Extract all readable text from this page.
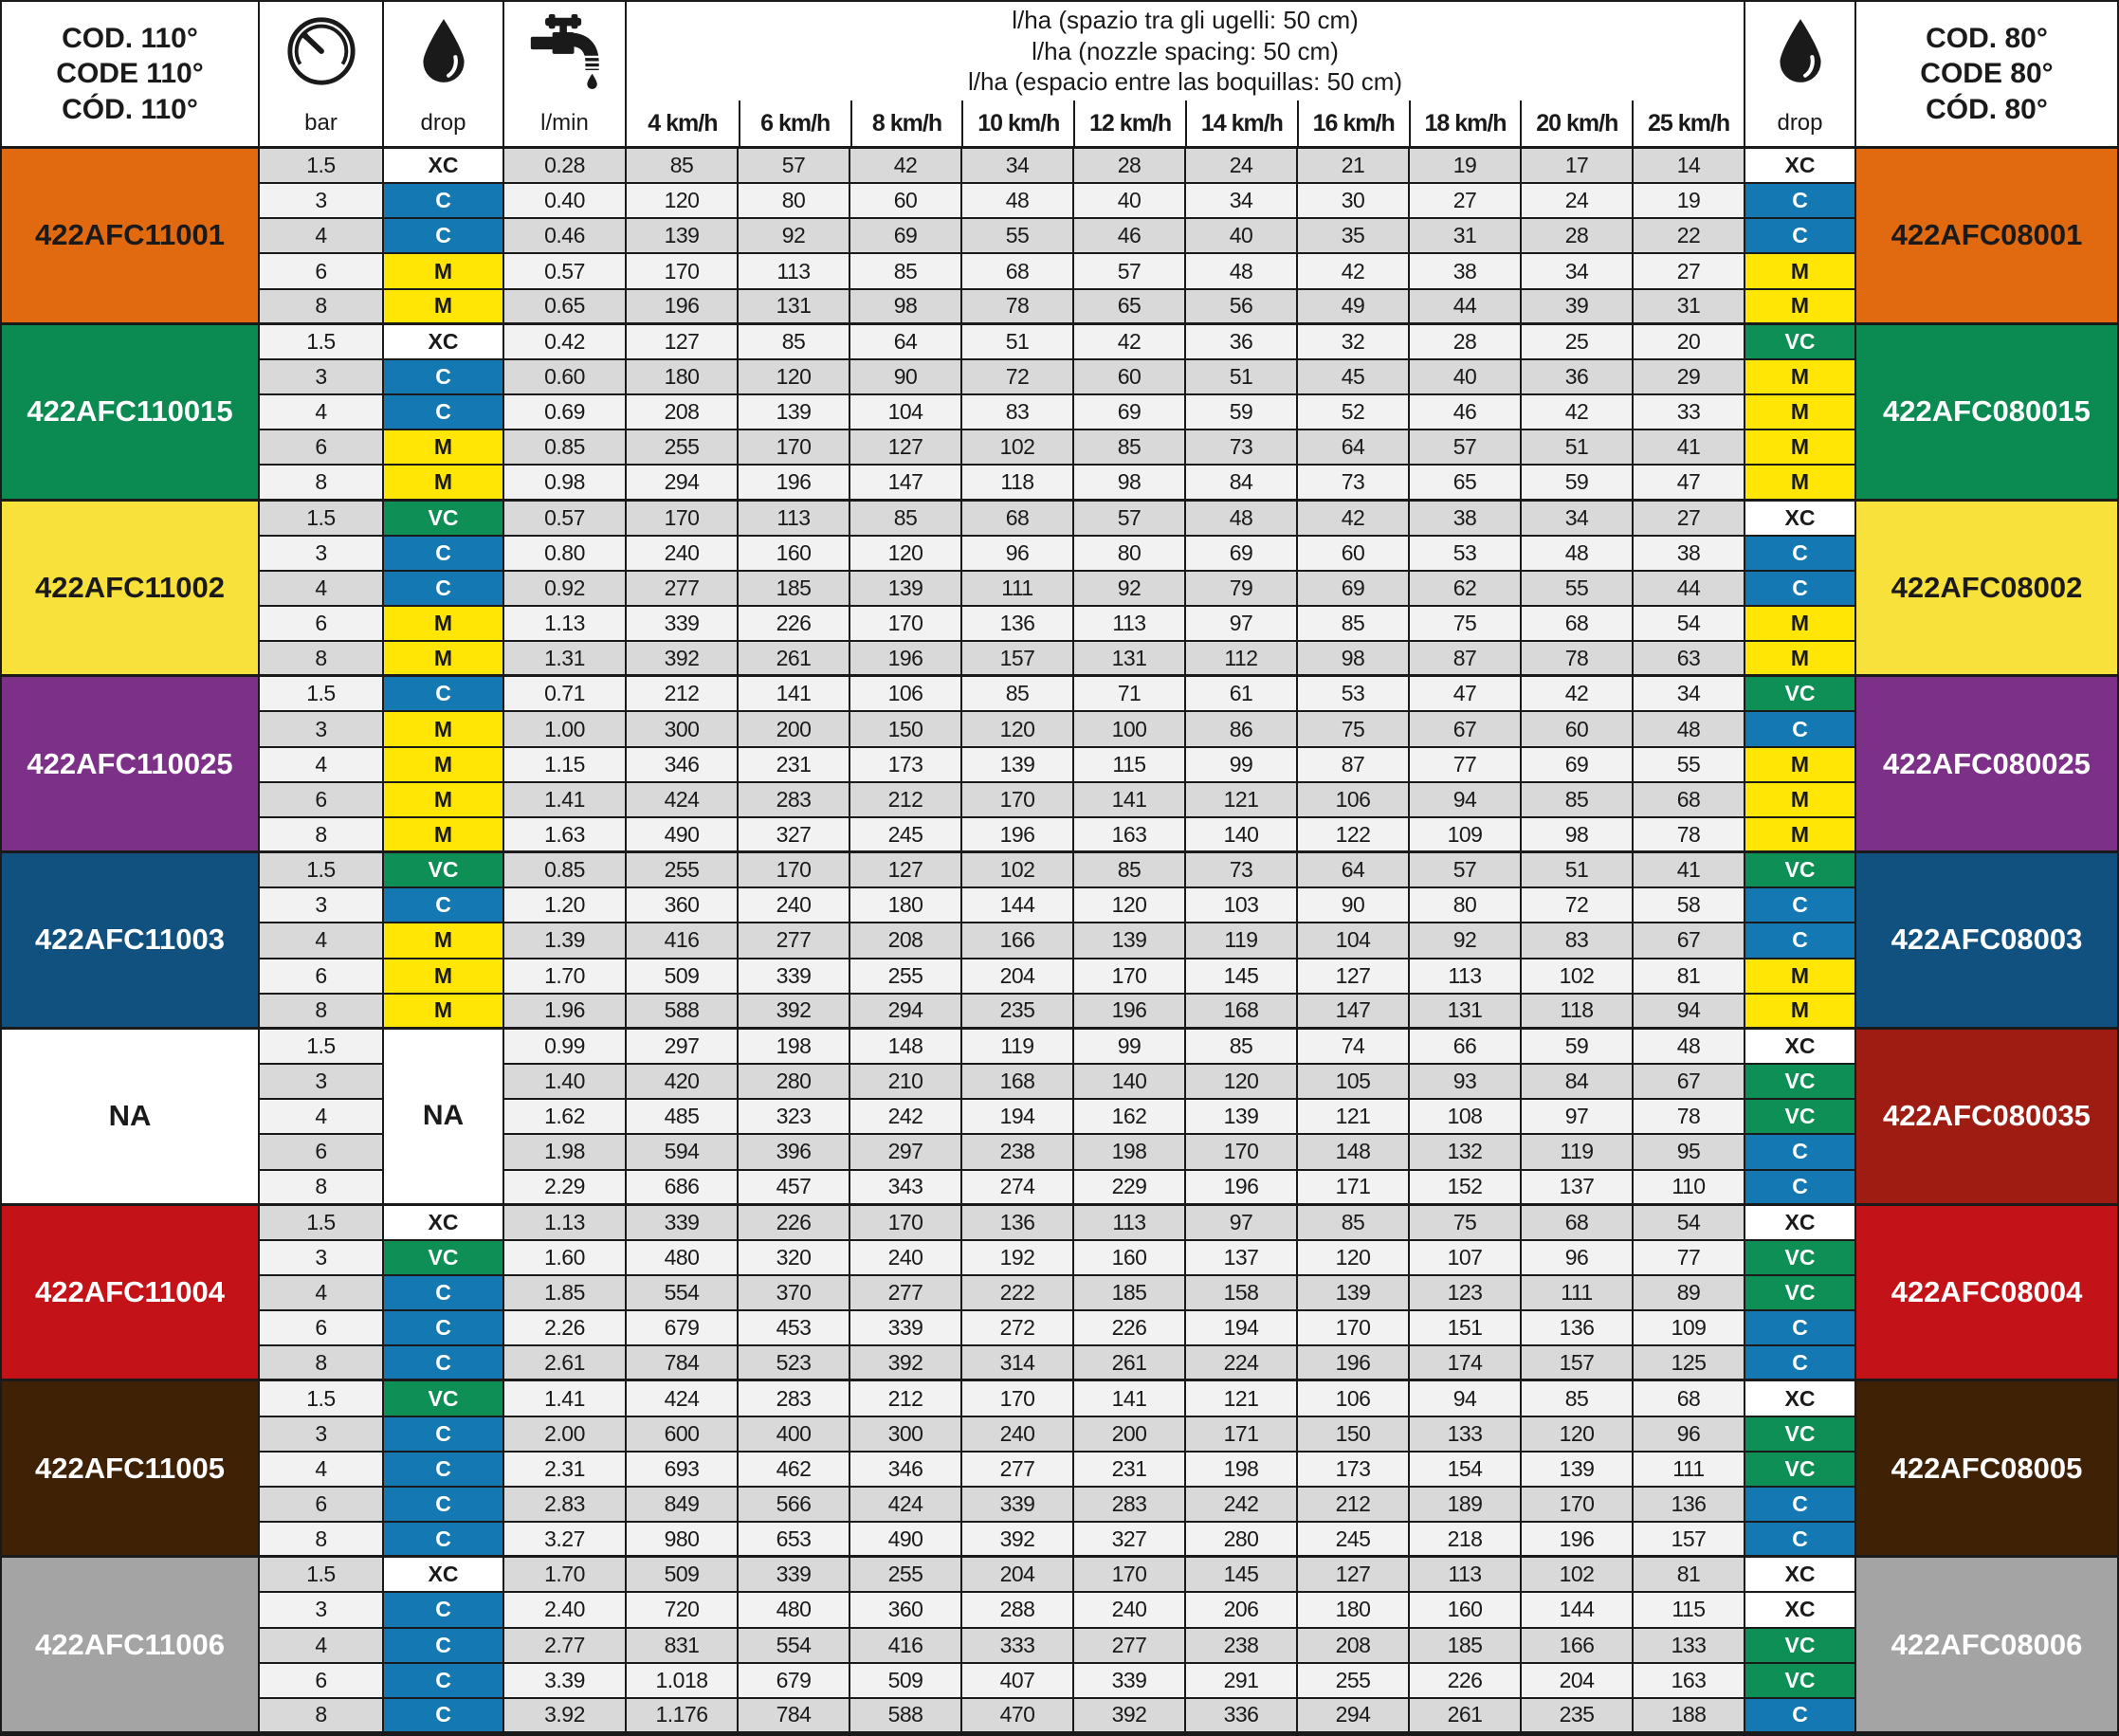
COD. 110°
CODE 110°
CÓD. 110°	bar	drop	l/min
l/ha (spazio tra gli ugelli: 50 cm)
l/ha (nozzle spacing: 50 cm)
l/ha (espacio entre las boquillas: 50 cm)
4 km/h	6 km/h	8 km/h	10 km/h	12 km/h	14 km/h	16 km/h	18 km/h	20 km/h	25 km/h	drop
COD. 80°
CODE 80°
CÓD. 80°
422AFC11001
1.5	XC	0.28	85	57	42	34	28	24	21	19	17	14	XC
3	C	0.40	120	80	60	48	40	34	30	27	24	19	C
4	C	0.46	139	92	69	55	46	40	35	31	28	22	C
6	M	0.57	170	113	85	68	57	48	42	38	34	27	M
8	M	0.65	196	131	98	78	65	56	49	44	39	31	M
422AFC08001
422AFC110015
1.5	XC	0.42	127	85	64	51	42	36	32	28	25	20	VC
3	C	0.60	180	120	90	72	60	51	45	40	36	29	M
4	C	0.69	208	139	104	83	69	59	52	46	42	33	M
6	M	0.85	255	170	127	102	85	73	64	57	51	41	M
8	M	0.98	294	196	147	118	98	84	73	65	59	47	M
422AFC080015
422AFC11002
1.5	VC	0.57	170	113	85	68	57	48	42	38	34	27	XC
3	C	0.80	240	160	120	96	80	69	60	53	48	38	C
4	C	0.92	277	185	139	111	92	79	69	62	55	44	C
6	M	1.13	339	226	170	136	113	97	85	75	68	54	M
8	M	1.31	392	261	196	157	131	112	98	87	78	63	M
422AFC08002
422AFC110025
1.5	C	0.71	212	141	106	85	71	61	53	47	42	34	VC
3	M	1.00	300	200	150	120	100	86	75	67	60	48	C
4	M	1.15	346	231	173	139	115	99	87	77	69	55	M
6	M	1.41	424	283	212	170	141	121	106	94	85	68	M
8	M	1.63	490	327	245	196	163	140	122	109	98	78	M
422AFC080025
422AFC11003
1.5	VC	0.85	255	170	127	102	85	73	64	57	51	41	VC
3	C	1.20	360	240	180	144	120	103	90	80	72	58	C
4	M	1.39	416	277	208	166	139	119	104	92	83	67	C
6	M	1.70	509	339	255	204	170	145	127	113	102	81	M
8	M	1.96	588	392	294	235	196	168	147	131	118	94	M
422AFC08003
NA	NA
1.5	0.99	297	198	148	119	99	85	74	66	59	48	XC
3	1.40	420	280	210	168	140	120	105	93	84	67	VC
4	1.62	485	323	242	194	162	139	121	108	97	78	VC
6	1.98	594	396	297	238	198	170	148	132	119	95	C
8	2.29	686	457	343	274	229	196	171	152	137	110	C
422AFC080035
422AFC11004
1.5	XC	1.13	339	226	170	136	113	97	85	75	68	54	XC
3	VC	1.60	480	320	240	192	160	137	120	107	96	77	VC
4	C	1.85	554	370	277	222	185	158	139	123	111	89	VC
6	C	2.26	679	453	339	272	226	194	170	151	136	109	C
8	C	2.61	784	523	392	314	261	224	196	174	157	125	C
422AFC08004
422AFC11005
1.5	VC	1.41	424	283	212	170	141	121	106	94	85	68	XC
3	C	2.00	600	400	300	240	200	171	150	133	120	96	VC
4	C	2.31	693	462	346	277	231	198	173	154	139	111	VC
6	C	2.83	849	566	424	339	283	242	212	189	170	136	C
8	C	3.27	980	653	490	392	327	280	245	218	196	157	C
422AFC08005
422AFC11006
1.5	XC	1.70	509	339	255	204	170	145	127	113	102	81	XC
3	C	2.40	720	480	360	288	240	206	180	160	144	115	XC
4	C	2.77	831	554	416	333	277	238	208	185	166	133	VC
6	C	3.39	1.018	679	509	407	339	291	255	226	204	163	VC
8	C	3.92	1.176	784	588	470	392	336	294	261	235	188	C
422AFC08006
